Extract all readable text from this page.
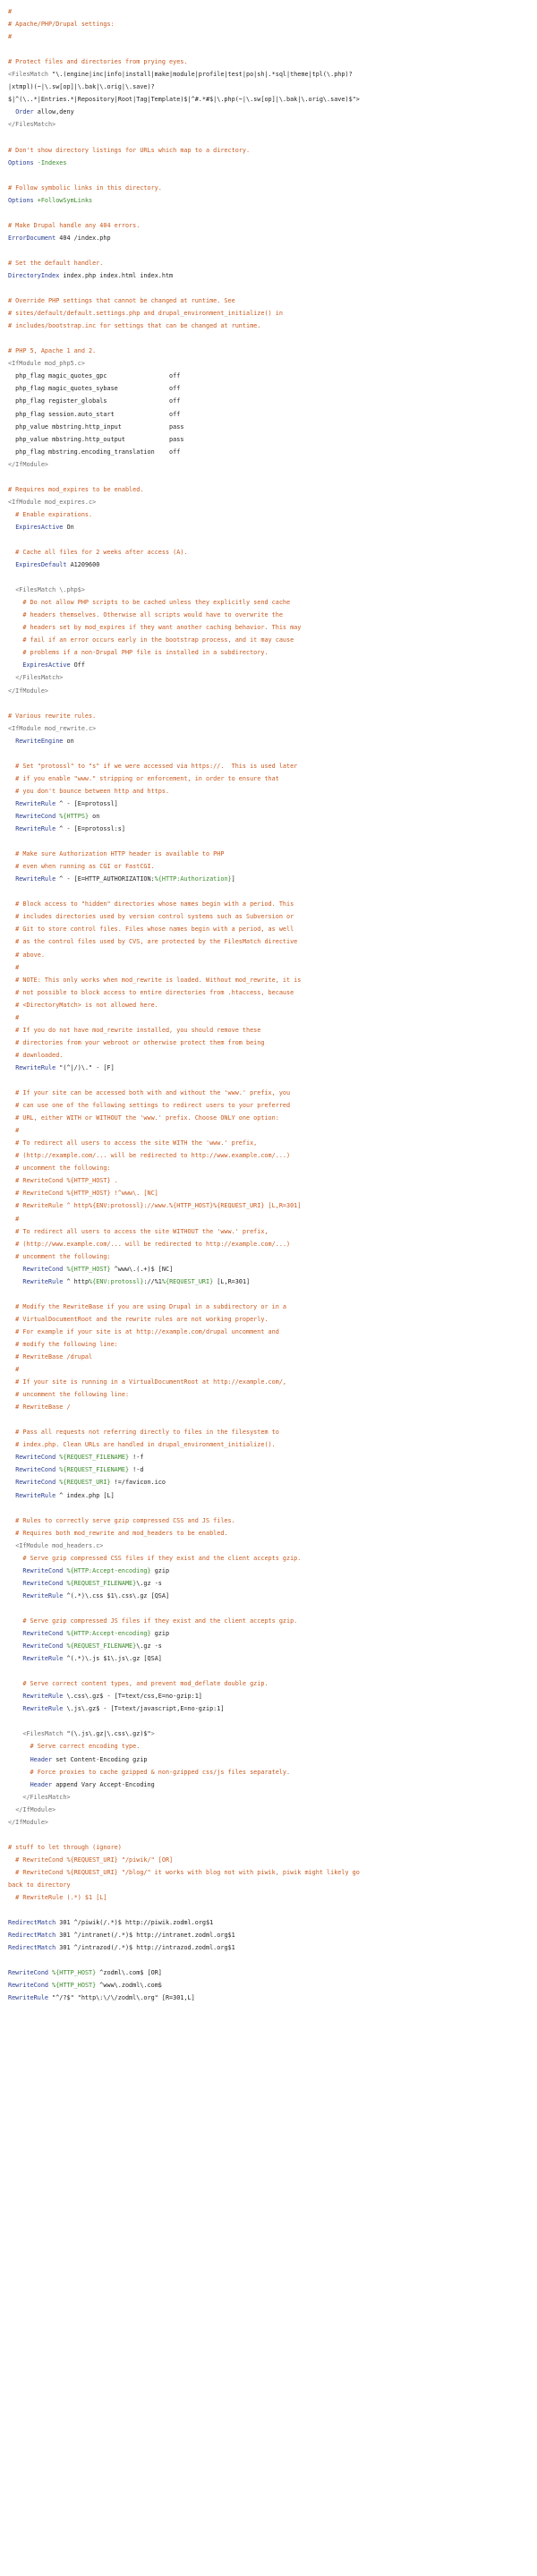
#
# Apache/PHP/Drupal settings:
#

# Protect files and directories from prying eyes.
<FilesMatch "\.(engine|inc|info|install|make|module|profile|test|po|sh|.*sql|theme|tpl(\.php)?
|xtmpl)(~|\.sw[op]|\.bak|\.orig|\.save)?
$|^(\..*|Entries.*|Repository|Root|Tag|Template)$|^#.*#$|\.php(~|\.sw[op]|\.bak|\.orig\.save)$">
Order allow,deny
</FilesMatch>

# Don't show directory listings for URLs which map to a directory.
Options -Indexes

# Follow symbolic links in this directory.
Options +FollowSymLinks

# Make Drupal handle any 404 errors.
ErrorDocument 404 /index.php

# Set the default handler.
DirectoryIndex index.php index.html index.htm

# Override PHP settings that cannot be changed at runtime. See
# sites/default/default.settings.php and drupal_environment_initialize() in
# includes/bootstrap.inc for settings that can be changed at runtime.

# PHP 5, Apache 1 and 2.
<IfModule mod_php5.c>
php_flag magic_quotes_gpc                 off
php_flag magic_quotes_sybase              off
php_flag register_globals                 off
php_flag session.auto_start               off
php_value mbstring.http_input             pass
php_value mbstring.http_output            pass
php_flag mbstring.encoding_translation    off
</IfModule>

# Requires mod_expires to be enabled.
<IfModule mod_expires.c>
# Enable expirations.
ExpiresActive On

# Cache all files for 2 weeks after access (A).
ExpiresDefault A1209600

<FilesMatch \.php$>
# Do not allow PHP scripts to be cached unless they explicitly send cache
# headers themselves. Otherwise all scripts would have to overwrite the
# headers set by mod_expires if they want another caching behavior. This may
# fail if an error occurs early in the bootstrap process, and it may cause
# problems if a non-Drupal PHP file is installed in a subdirectory.
ExpiresActive Off
</FilesMatch>
</IfModule>

# Various rewrite rules.
<IfModule mod_rewrite.c>
RewriteEngine on

# Set "protossl" to "s" if we were accessed via https://.  This is used later
# if you enable "www." stripping or enforcement, in order to ensure that
# you don't bounce between http and https.
RewriteRule ^ - [E=protossl]
RewriteCond %{HTTPS} on
RewriteRule ^ - [E=protossl:s]

# Make sure Authorization HTTP header is available to PHP
# even when running as CGI or FastCGI.
RewriteRule ^ - [E=HTTP_AUTHORIZATION:%{HTTP:Authorization}]

# Block access to "hidden" directories whose names begin with a period. This
# includes directories used by version control systems such as Subversion or
# Git to store control files. Files whose names begin with a period, as well
# as the control files used by CVS, are protected by the FilesMatch directive
# above.
#
# NOTE: This only works when mod_rewrite is loaded. Without mod_rewrite, it is
# not possible to block access to entire directories from .htaccess, because
# <DirectoryMatch> is not allowed here.
#
# If you do not have mod_rewrite installed, you should remove these
# directories from your webroot or otherwise protect them from being
# downloaded.
RewriteRule "(^|/)\." - [F]

# If your site can be accessed both with and without the 'www.' prefix, you
# can use one of the following settings to redirect users to your preferred
# URL, either WITH or WITHOUT the 'www.' prefix. Choose ONLY one option:
#
# To redirect all users to access the site WITH the 'www.' prefix,
# (http://example.com/... will be redirected to http://www.example.com/...)
# uncomment the following:
# RewriteCond %{HTTP_HOST} .
# RewriteCond %{HTTP_HOST} !^www\. [NC]
# RewriteRule ^ http%{ENV:protossl}://www.%{HTTP_HOST}%{REQUEST_URI} [L,R=301]
#
# To redirect all users to access the site WITHOUT the 'www.' prefix,
# (http://www.example.com/... will be redirected to http://example.com/...)
# uncomment the following:
RewriteCond %{HTTP_HOST} ^www\.(.+)$ [NC]
RewriteRule ^ http%{ENV:protossl}://%1%{REQUEST_URI} [L,R=301]

# Modify the RewriteBase if you are using Drupal in a subdirectory or in a
# VirtualDocumentRoot and the rewrite rules are not working properly.
# For example if your site is at http://example.com/drupal uncomment and
# modify the following line:
# RewriteBase /drupal
#
# If your site is running in a VirtualDocumentRoot at http://example.com/,
# uncomment the following line:
# RewriteBase /

# Pass all requests not referring directly to files in the filesystem to
# index.php. Clean URLs are handled in drupal_environment_initialize().
RewriteCond %{REQUEST_FILENAME} !-f
RewriteCond %{REQUEST_FILENAME} !-d
RewriteCond %{REQUEST_URI} !=/favicon.ico
RewriteRule ^ index.php [L]

# Rules to correctly serve gzip compressed CSS and JS files.
# Requires both mod_rewrite and mod_headers to be enabled.
<IfModule mod_headers.c>
# Serve gzip compressed CSS files if they exist and the client accepts gzip.
RewriteCond %{HTTP:Accept-encoding} gzip
RewriteCond %{REQUEST_FILENAME}\.gz -s
RewriteRule ^(.*)\.css $1\.css\.gz [QSA]

# Serve gzip compressed JS files if they exist and the client accepts gzip.
RewriteCond %{HTTP:Accept-encoding} gzip
RewriteCond %{REQUEST_FILENAME}\.gz -s
RewriteRule ^(.*)\.js $1\.js\.gz [QSA]

# Serve correct content types, and prevent mod_deflate double gzip.
RewriteRule \.css\.gz$ - [T=text/css,E=no-gzip:1]
RewriteRule \.js\.gz$ - [T=text/javascript,E=no-gzip:1]

<FilesMatch "(\.js\.gz|\.css\.gz)$">
# Serve correct encoding type.
Header set Content-Encoding gzip
# Force proxies to cache gzipped & non-gzipped css/js files separately.
Header append Vary Accept-Encoding
</FilesMatch>
</IfModule>
</IfModule>

# stuff to let through (ignore)
# RewriteCond %{REQUEST_URI} "/piwik/" [OR]
# RewriteCond %{REQUEST_URI} "/blog/" it works with blog not with piwik, piwik might likely go
back to directory
# RewriteRule (.*) $1 [L]

RedirectMatch 301 ^/piwik(/.*)$ http://piwik.zodml.org$1
RedirectMatch 301 ^/intranet(/.*)$ http://intranet.zodml.org$1
RedirectMatch 301 ^/intrazod(/.*)$ http://intrazod.zodml.org$1

RewriteCond %{HTTP_HOST} ^zodml\.com$ [OR]
RewriteCond %{HTTP_HOST} ^www\.zodml\.com$
RewriteRule "^/?$" "http\:\/\/zodml\.org" [R=301,L]
